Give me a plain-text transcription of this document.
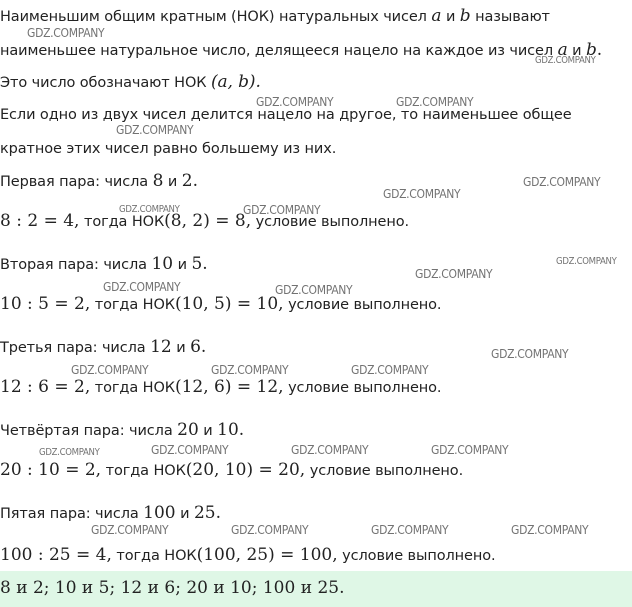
Наименьшим общим кратным (НОК) натуральных чисел a и b называют
наименьшее натуральное число, делящееся нацело на каждое из чисел a и b.
Это число обозначают НОК (a, b).
Если одно из двух чисел делится нацело на другое, то наименьшее общее
кратное этих чисел равно большему из них.
Первая пара: числа 8 и 2.
8 : 2 = 4, тогда НОК(8, 2) = 8, условие выполнено.
Вторая пара: числа 10 и 5.
10 : 5 = 2, тогда НОК(10, 5) = 10, условие выполнено.
Третья пара: числа 12 и 6.
12 : 6 = 2, тогда НОК(12, 6) = 12, условие выполнено.
Четвёртая пара: числа 20 и 10.
20 : 10 = 2, тогда НОК(20, 10) = 20, условие выполнено.
Пятая пара: числа 100 и 25.
100 : 25 = 4, тогда НОК(100, 25) = 100, условие выполнено.
8 и 2; 10 и 5; 12 и 6; 20 и 10; 100 и 25.
GDZ.COMPANY
GDZ.COMPANY
GDZ.COMPANY	GDZ.COMPANY
GDZ.COMPANY
GDZ.COMPANY
GDZ.COMPANY
GDZ.COMPANY	GDZ.COMPANY
GDZ.COMPANY
GDZ.COMPANY
GDZ.COMPANY	GDZ.COMPANY
GDZ.COMPANY
GDZ.COMPANY	GDZ.COMPANY	GDZ.COMPANY
GDZ.COMPANY	GDZ.COMPANY	GDZ.COMPANY	GDZ.COMPANY
GDZ.COMPANY	GDZ.COMPANY	GDZ.COMPANY	GDZ.COMPANY
